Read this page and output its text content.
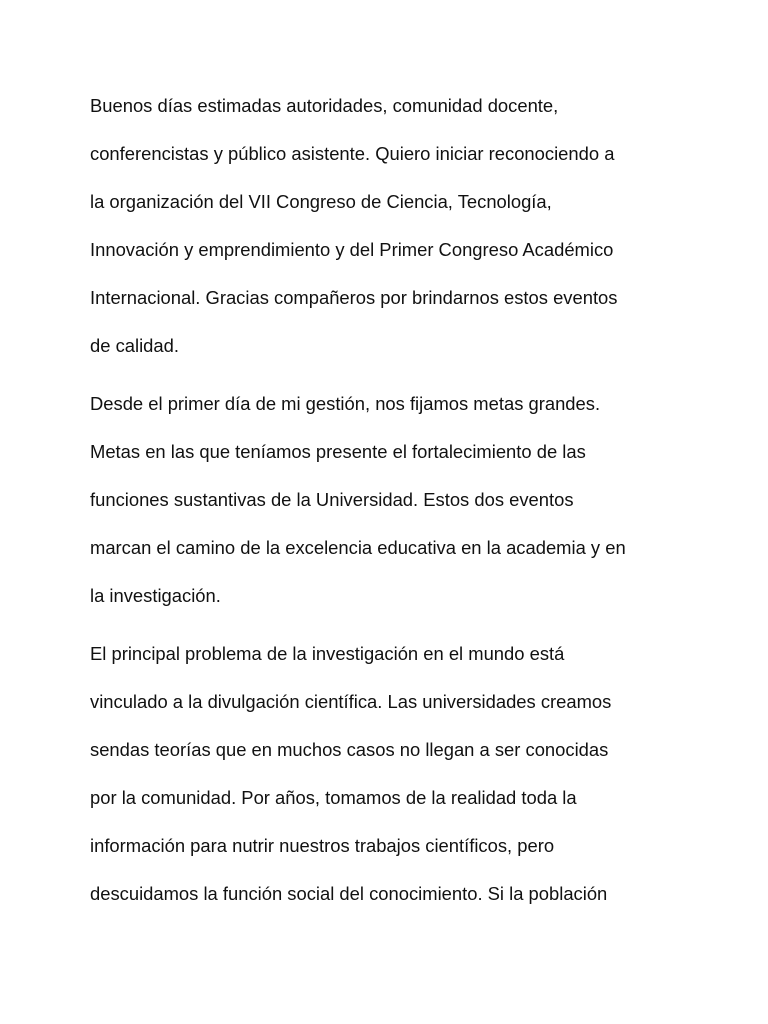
Buenos días estimadas autoridades, comunidad docente,
conferencistas y público asistente. Quiero iniciar reconociendo a
la organización del VII Congreso de Ciencia, Tecnología,
Innovación y emprendimiento y del Primer Congreso Académico
Internacional. Gracias compañeros por brindarnos estos eventos
de calidad.

Desde el primer día de mi gestión, nos fijamos metas grandes.
Metas en las que teníamos presente el fortalecimiento de las
funciones sustantivas de la Universidad. Estos dos eventos
marcan el camino de la excelencia educativa en la academia y en
la investigación.

El principal problema de la investigación en el mundo está
vinculado a la divulgación científica. Las universidades creamos
sendas teorías que en muchos casos no llegan a ser conocidas
por la comunidad. Por años, tomamos de la realidad toda la
información para nutrir nuestros trabajos científicos, pero
descuidamos la función social del conocimiento. Si la población
